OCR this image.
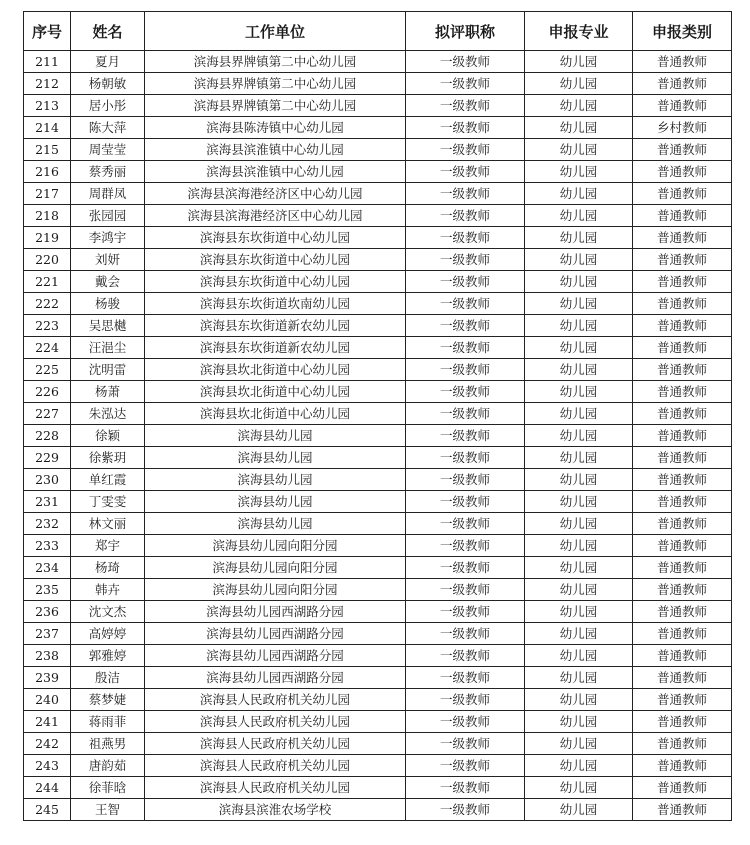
序号	姓名	工作单位	拟评职称	申报专业	申报类别
211	夏月	滨海县界牌镇第二中心幼儿园	一级教师	幼儿园	普通教师
212	杨朝敏	滨海县界牌镇第二中心幼儿园	一级教师	幼儿园	普通教师
213	居小彤	滨海县界牌镇第二中心幼儿园	一级教师	幼儿园	普通教师
214	陈大萍	滨海县陈涛镇中心幼儿园	一级教师	幼儿园	乡村教师
215	周莹莹	滨海县滨淮镇中心幼儿园	一级教师	幼儿园	普通教师
216	蔡秀丽	滨海县滨淮镇中心幼儿园	一级教师	幼儿园	普通教师
217	周群凤	滨海县滨海港经济区中心幼儿园	一级教师	幼儿园	普通教师
218	张园园	滨海县滨海港经济区中心幼儿园	一级教师	幼儿园	普通教师
219	李鸿宇	滨海县东坎街道中心幼儿园	一级教师	幼儿园	普通教师
220	刘妍	滨海县东坎街道中心幼儿园	一级教师	幼儿园	普通教师
221	戴会	滨海县东坎街道中心幼儿园	一级教师	幼儿园	普通教师
222	杨骏	滨海县东坎街道坎南幼儿园	一级教师	幼儿园	普通教师
223	吴思樾	滨海县东坎街道新农幼儿园	一级教师	幼儿园	普通教师
224	汪浥尘	滨海县东坎街道新农幼儿园	一级教师	幼儿园	普通教师
225	沈明雷	滨海县坎北街道中心幼儿园	一级教师	幼儿园	普通教师
226	杨萧	滨海县坎北街道中心幼儿园	一级教师	幼儿园	普通教师
227	朱泓达	滨海县坎北街道中心幼儿园	一级教师	幼儿园	普通教师
228	徐颖	滨海县幼儿园	一级教师	幼儿园	普通教师
229	徐紫玥	滨海县幼儿园	一级教师	幼儿园	普通教师
230	单红霞	滨海县幼儿园	一级教师	幼儿园	普通教师
231	丁雯雯	滨海县幼儿园	一级教师	幼儿园	普通教师
232	林文丽	滨海县幼儿园	一级教师	幼儿园	普通教师
233	郑宇	滨海县幼儿园向阳分园	一级教师	幼儿园	普通教师
234	杨琦	滨海县幼儿园向阳分园	一级教师	幼儿园	普通教师
235	韩卉	滨海县幼儿园向阳分园	一级教师	幼儿园	普通教师
236	沈文杰	滨海县幼儿园西湖路分园	一级教师	幼儿园	普通教师
237	高婷婷	滨海县幼儿园西湖路分园	一级教师	幼儿园	普通教师
238	郭雅婷	滨海县幼儿园西湖路分园	一级教师	幼儿园	普通教师
239	殷洁	滨海县幼儿园西湖路分园	一级教师	幼儿园	普通教师
240	蔡梦婕	滨海县人民政府机关幼儿园	一级教师	幼儿园	普通教师
241	蒋雨菲	滨海县人民政府机关幼儿园	一级教师	幼儿园	普通教师
242	祖燕男	滨海县人民政府机关幼儿园	一级教师	幼儿园	普通教师
243	唐韵茹	滨海县人民政府机关幼儿园	一级教师	幼儿园	普通教师
244	徐菲晗	滨海县人民政府机关幼儿园	一级教师	幼儿园	普通教师
245	王智	滨海县滨淮农场学校	一级教师	幼儿园	普通教师
